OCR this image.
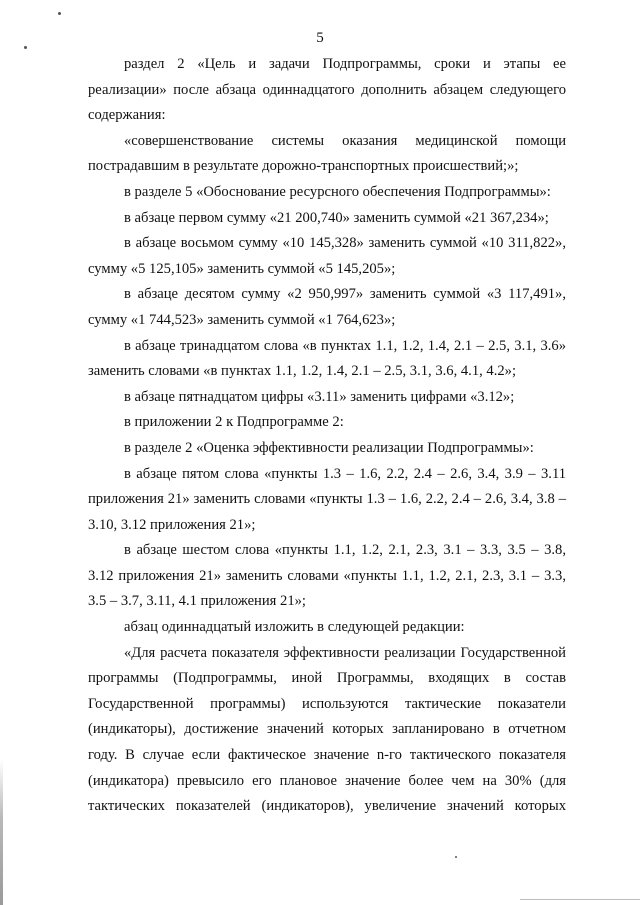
5

раздел 2 «Цель и задачи Подпрограммы, сроки и этапы ее реализации» после абзаца одиннадцатого дополнить абзацем следующего содержания:

«совершенствование системы оказания медицинской помощи пострадавшим в результате дорожно-транспортных происшествий;»;

в разделе 5 «Обоснование ресурсного обеспечения Подпрограммы»:

в абзаце первом сумму «21 200,740» заменить суммой «21 367,234»;

в абзаце восьмом сумму «10 145,328» заменить суммой «10 311,822», сумму «5 125,105» заменить суммой «5 145,205»;

в абзаце десятом сумму «2 950,997» заменить суммой «3 117,491», сумму «1 744,523» заменить суммой «1 764,623»;

в абзаце тринадцатом слова «в пунктах 1.1, 1.2, 1.4, 2.1 – 2.5, 3.1, 3.6» заменить словами «в пунктах 1.1, 1.2, 1.4, 2.1 – 2.5, 3.1, 3.6, 4.1, 4.2»;

в абзаце пятнадцатом цифры «3.11» заменить цифрами «3.12»;

в приложении 2 к Подпрограмме 2:

в разделе 2 «Оценка эффективности реализации Подпрограммы»:

в абзаце пятом слова «пункты 1.3 – 1.6, 2.2, 2.4 – 2.6, 3.4, 3.9 – 3.11 приложения 21» заменить словами «пункты 1.3 – 1.6, 2.2, 2.4 – 2.6, 3.4, 3.8 – 3.10, 3.12 приложения 21»;

в абзаце шестом слова «пункты 1.1, 1.2, 2.1, 2.3, 3.1 – 3.3, 3.5 – 3.8, 3.12 приложения 21» заменить словами «пункты 1.1, 1.2, 2.1, 2.3, 3.1 – 3.3, 3.5 – 3.7, 3.11, 4.1 приложения 21»;

абзац одиннадцатый изложить в следующей редакции:

«Для расчета показателя эффективности реализации Государственной программы (Подпрограммы, иной Программы, входящих в состав Государственной программы) используются тактические показатели (индикаторы), достижение значений которых запланировано в отчетном году. В случае если фактическое значение n-го тактического показателя (индикатора) превысило его плановое значение более чем на 30% (для тактических показателей (индикаторов), увеличение значений которых
